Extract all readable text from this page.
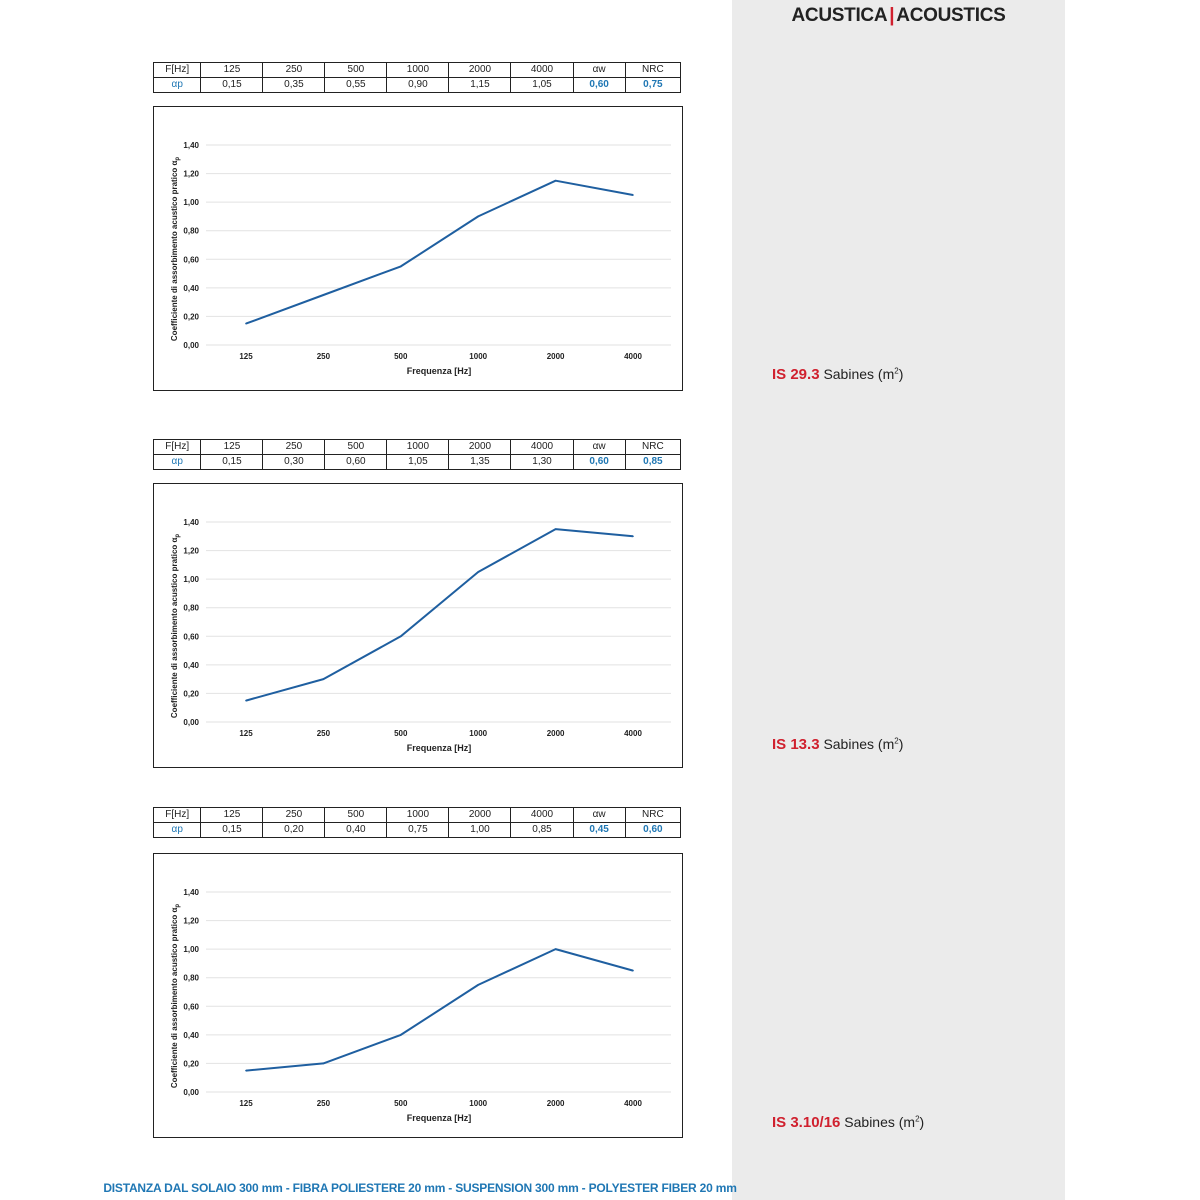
ACUSTICA | ACOUSTICS
IS 29.3 Sabines $(m^2)$
IS 13.3 Sabines $(m^2)$
IS 3.10/16 Sabines $(m^2)$
F[Hz]	125	250	500	1000	2000	4000	αw	NRC
αp	0,15	0,35	0,55	0,90	1,15	1,05	0,60	0,75
F[Hz]	125	250	500	1000	2000	4000	αw	NRC
αp	0,15	0,30	0,60	1,05	1,35	1,30	0,60	0,85
F[Hz]	125	250	500	1000	2000	4000	αw	NRC
αp	0,15	0,20	0,40	0,75	1,00	0,85	0,45	0,60
0,00
0,20
0,40
0,60
0,80
1,00
1,20
1,40
125	250	500	1000	2000	4000
Frequenza [Hz]
Coefficiente di assorbimento acustico pratico $\alpha_p$
0,00
0,20
0,40
0,60
0,80
1,00
1,20
1,40
125	250	500	1000	2000	4000
Frequenza [Hz]
Coefficiente di assorbimento acustico pratico $\alpha_p$
0,00
0,20
0,40
0,60
0,80
1,00
1,20
1,40
125	250	500	1000	2000	4000
Frequenza [Hz]
Coefficiente di assorbimento acustico pratico $\alpha_p$
DISTANZA DAL SOLAIO 300 mm - FIBRA POLIESTERE 20 mm - SUSPENSION 300 mm - POLYESTER FIBER 20 mm
